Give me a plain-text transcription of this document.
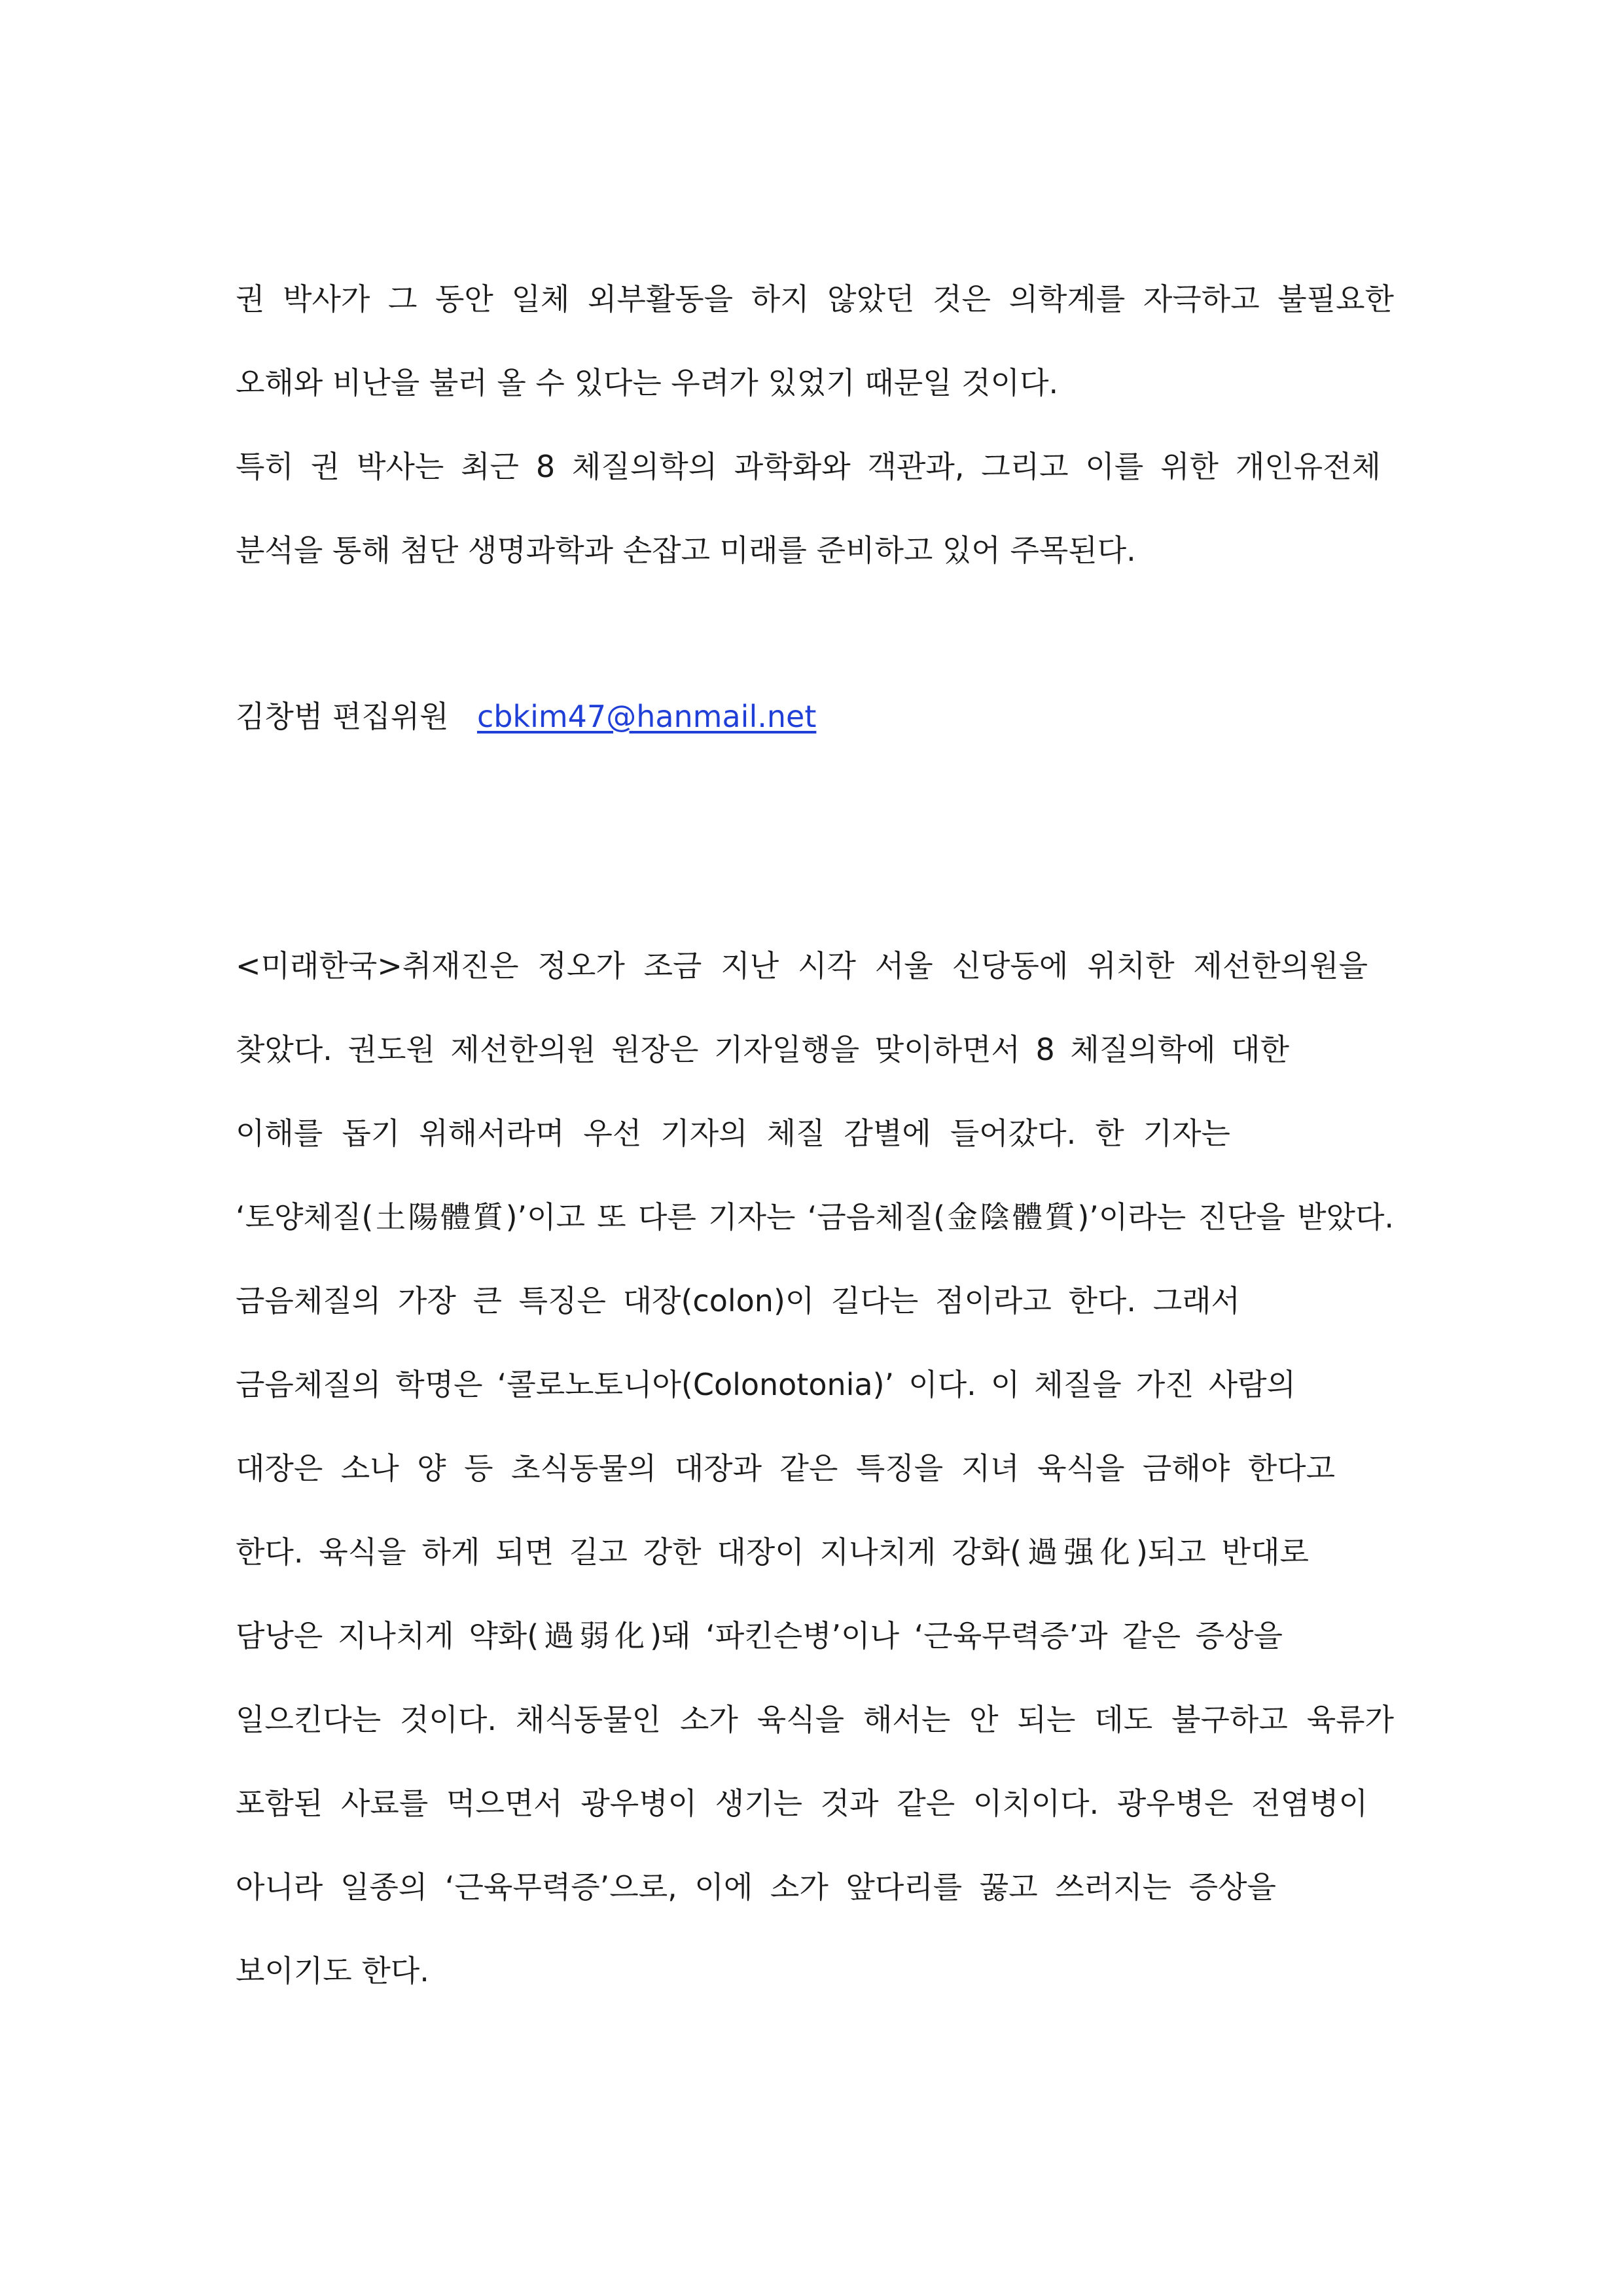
권 박사가 그 동안 일체 외부활동을 하지 않았던 것은 의학계를 자극하고 불필요한
오해와 비난을 불러 올 수 있다는 우려가 있었기 때문일 것이다.
특히 권 박사는 최근 8 체질의학의 과학화와 객관과, 그리고 이를 위한 개인유전체
분석을 통해 첨단 생명과학과 손잡고 미래를 준비하고 있어 주목된다.
김창범 편집위원 cbkim47@hanmail.net
<미래한국>취재진은 정오가 조금 지난 시각 서울 신당동에 위치한 제선한의원을
찾았다. 권도원 제선한의원 원장은 기자일행을 맞이하면서 8 체질의학에 대한
이해를 돕기 위해서라며 우선 기자의 체질 감별에 들어갔다. 한 기자는
‘토양체질(土陽體質)’이고 또 다른 기자는 ‘금음체질(金陰體質)’이라는 진단을 받았다.
금음체질의 가장 큰 특징은 대장(colon)이 길다는 점이라고 한다. 그래서
금음체질의 학명은 ‘콜로노토니아(Colonotonia)’ 이다. 이 체질을 가진 사람의
대장은 소나 양 등 초식동물의 대장과 같은 특징을 지녀 육식을 금해야 한다고
한다. 육식을 하게 되면 길고 강한 대장이 지나치게 강화(過强化)되고 반대로
담낭은 지나치게 약화(過弱化)돼 ‘파킨슨병’이나 ‘근육무력증’과 같은 증상을
일으킨다는 것이다. 채식동물인 소가 육식을 해서는 안 되는 데도 불구하고 육류가
포함된 사료를 먹으면서 광우병이 생기는 것과 같은 이치이다. 광우병은 전염병이
아니라 일종의 ‘근육무력증’으로, 이에 소가 앞다리를 꿇고 쓰러지는 증상을
보이기도 한다.
